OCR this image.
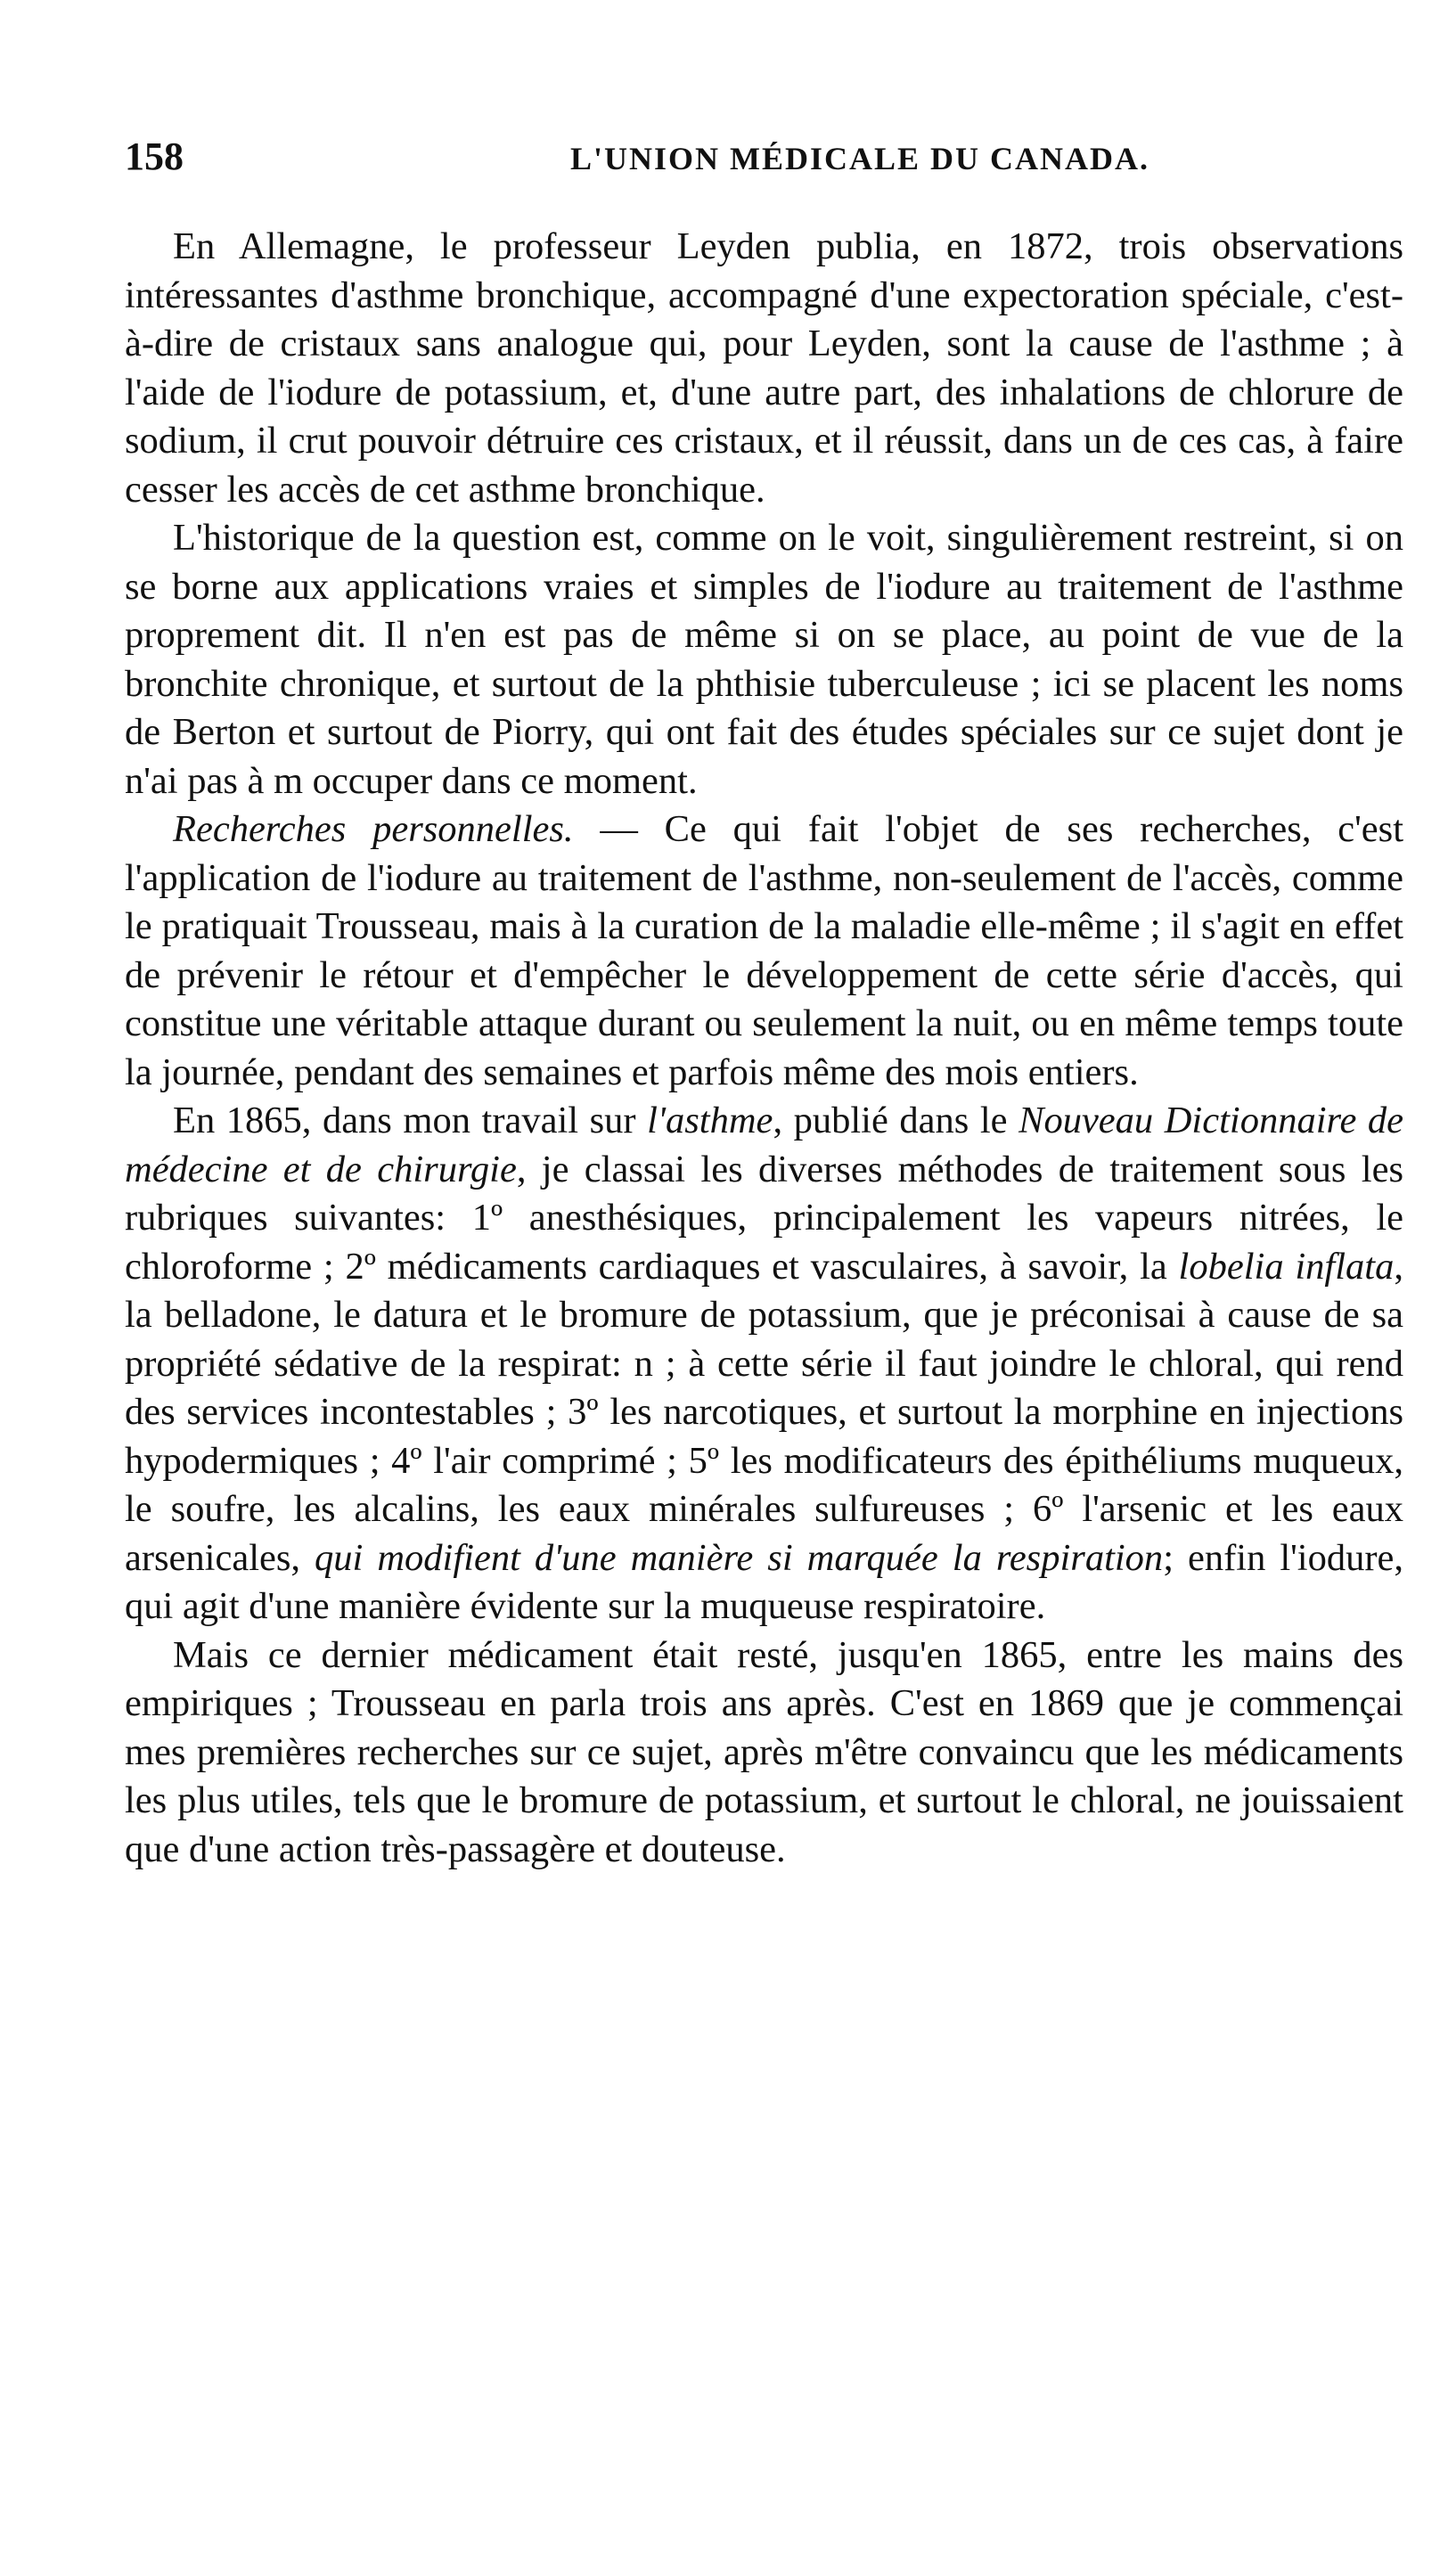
158	L'UNION MÉDICALE DU CANADA.

En Allemagne, le professeur Leyden publia, en 1872, trois observations intéressantes d'asthme bronchique, accompagné d'une expectoration spéciale, c'est-à-dire de cristaux sans analogue qui, pour Leyden, sont la cause de l'asthme ; à l'aide de l'iodure de potassium, et, d'une autre part, des inhalations de chlorure de sodium, il crut pouvoir détruire ces cristaux, et il réussit, dans un de ces cas, à faire cesser les accès de cet asthme bronchique.

L'historique de la question est, comme on le voit, singulièrement restreint, si on se borne aux applications vraies et simples de l'iodure au traitement de l'asthme proprement dit. Il n'en est pas de même si on se place, au point de vue de la bronchite chronique, et surtout de la phthisie tuberculeuse ; ici se placent les noms de Berton et surtout de Piorry, qui ont fait des études spéciales sur ce sujet dont je n'ai pas à m occuper dans ce moment.

Recherches personnelles. — Ce qui fait l'objet de ses recherches, c'est l'application de l'iodure au traitement de l'asthme, non-seulement de l'accès, comme le pratiquait Trousseau, mais à la curation de la maladie elle-même ; il s'agit en effet de prévenir le rétour et d'empêcher le développement de cette série d'accès, qui constitue une véritable attaque durant ou seulement la nuit, ou en même temps toute la journée, pendant des semaines et parfois même des mois entiers.

En 1865, dans mon travail sur l'asthme, publié dans le Nouveau Dictionnaire de médecine et de chirurgie, je classai les diverses méthodes de traitement sous les rubriques suivantes: 1º anesthésiques, principalement les vapeurs nitrées, le chloroforme ; 2º médicaments cardiaques et vasculaires, à savoir, la lobelia inflata, la belladone, le datura et le bromure de potassium, que je préconisai à cause de sa propriété sédative de la respirat: n ; à cette série il faut joindre le chloral, qui rend des services incontestables ; 3º les narcotiques, et surtout la morphine en injections hypodermiques ; 4º l'air comprimé ; 5º les modificateurs des épithéliums muqueux, le soufre, les alcalins, les eaux minérales sulfureuses ; 6º l'arsenic et les eaux arsenicales, qui modifient d'une manière si marquée la respiration; enfin l'iodure, qui agit d'une manière évidente sur la muqueuse respiratoire.

Mais ce dernier médicament était resté, jusqu'en 1865, entre les mains des empiriques ; Trousseau en parla trois ans après. C'est en 1869 que je commençai mes premières recherches sur ce sujet, après m'être convaincu que les médicaments les plus utiles, tels que le bromure de potassium, et surtout le chloral, ne jouissaient que d'une action très-passagère et douteuse.
